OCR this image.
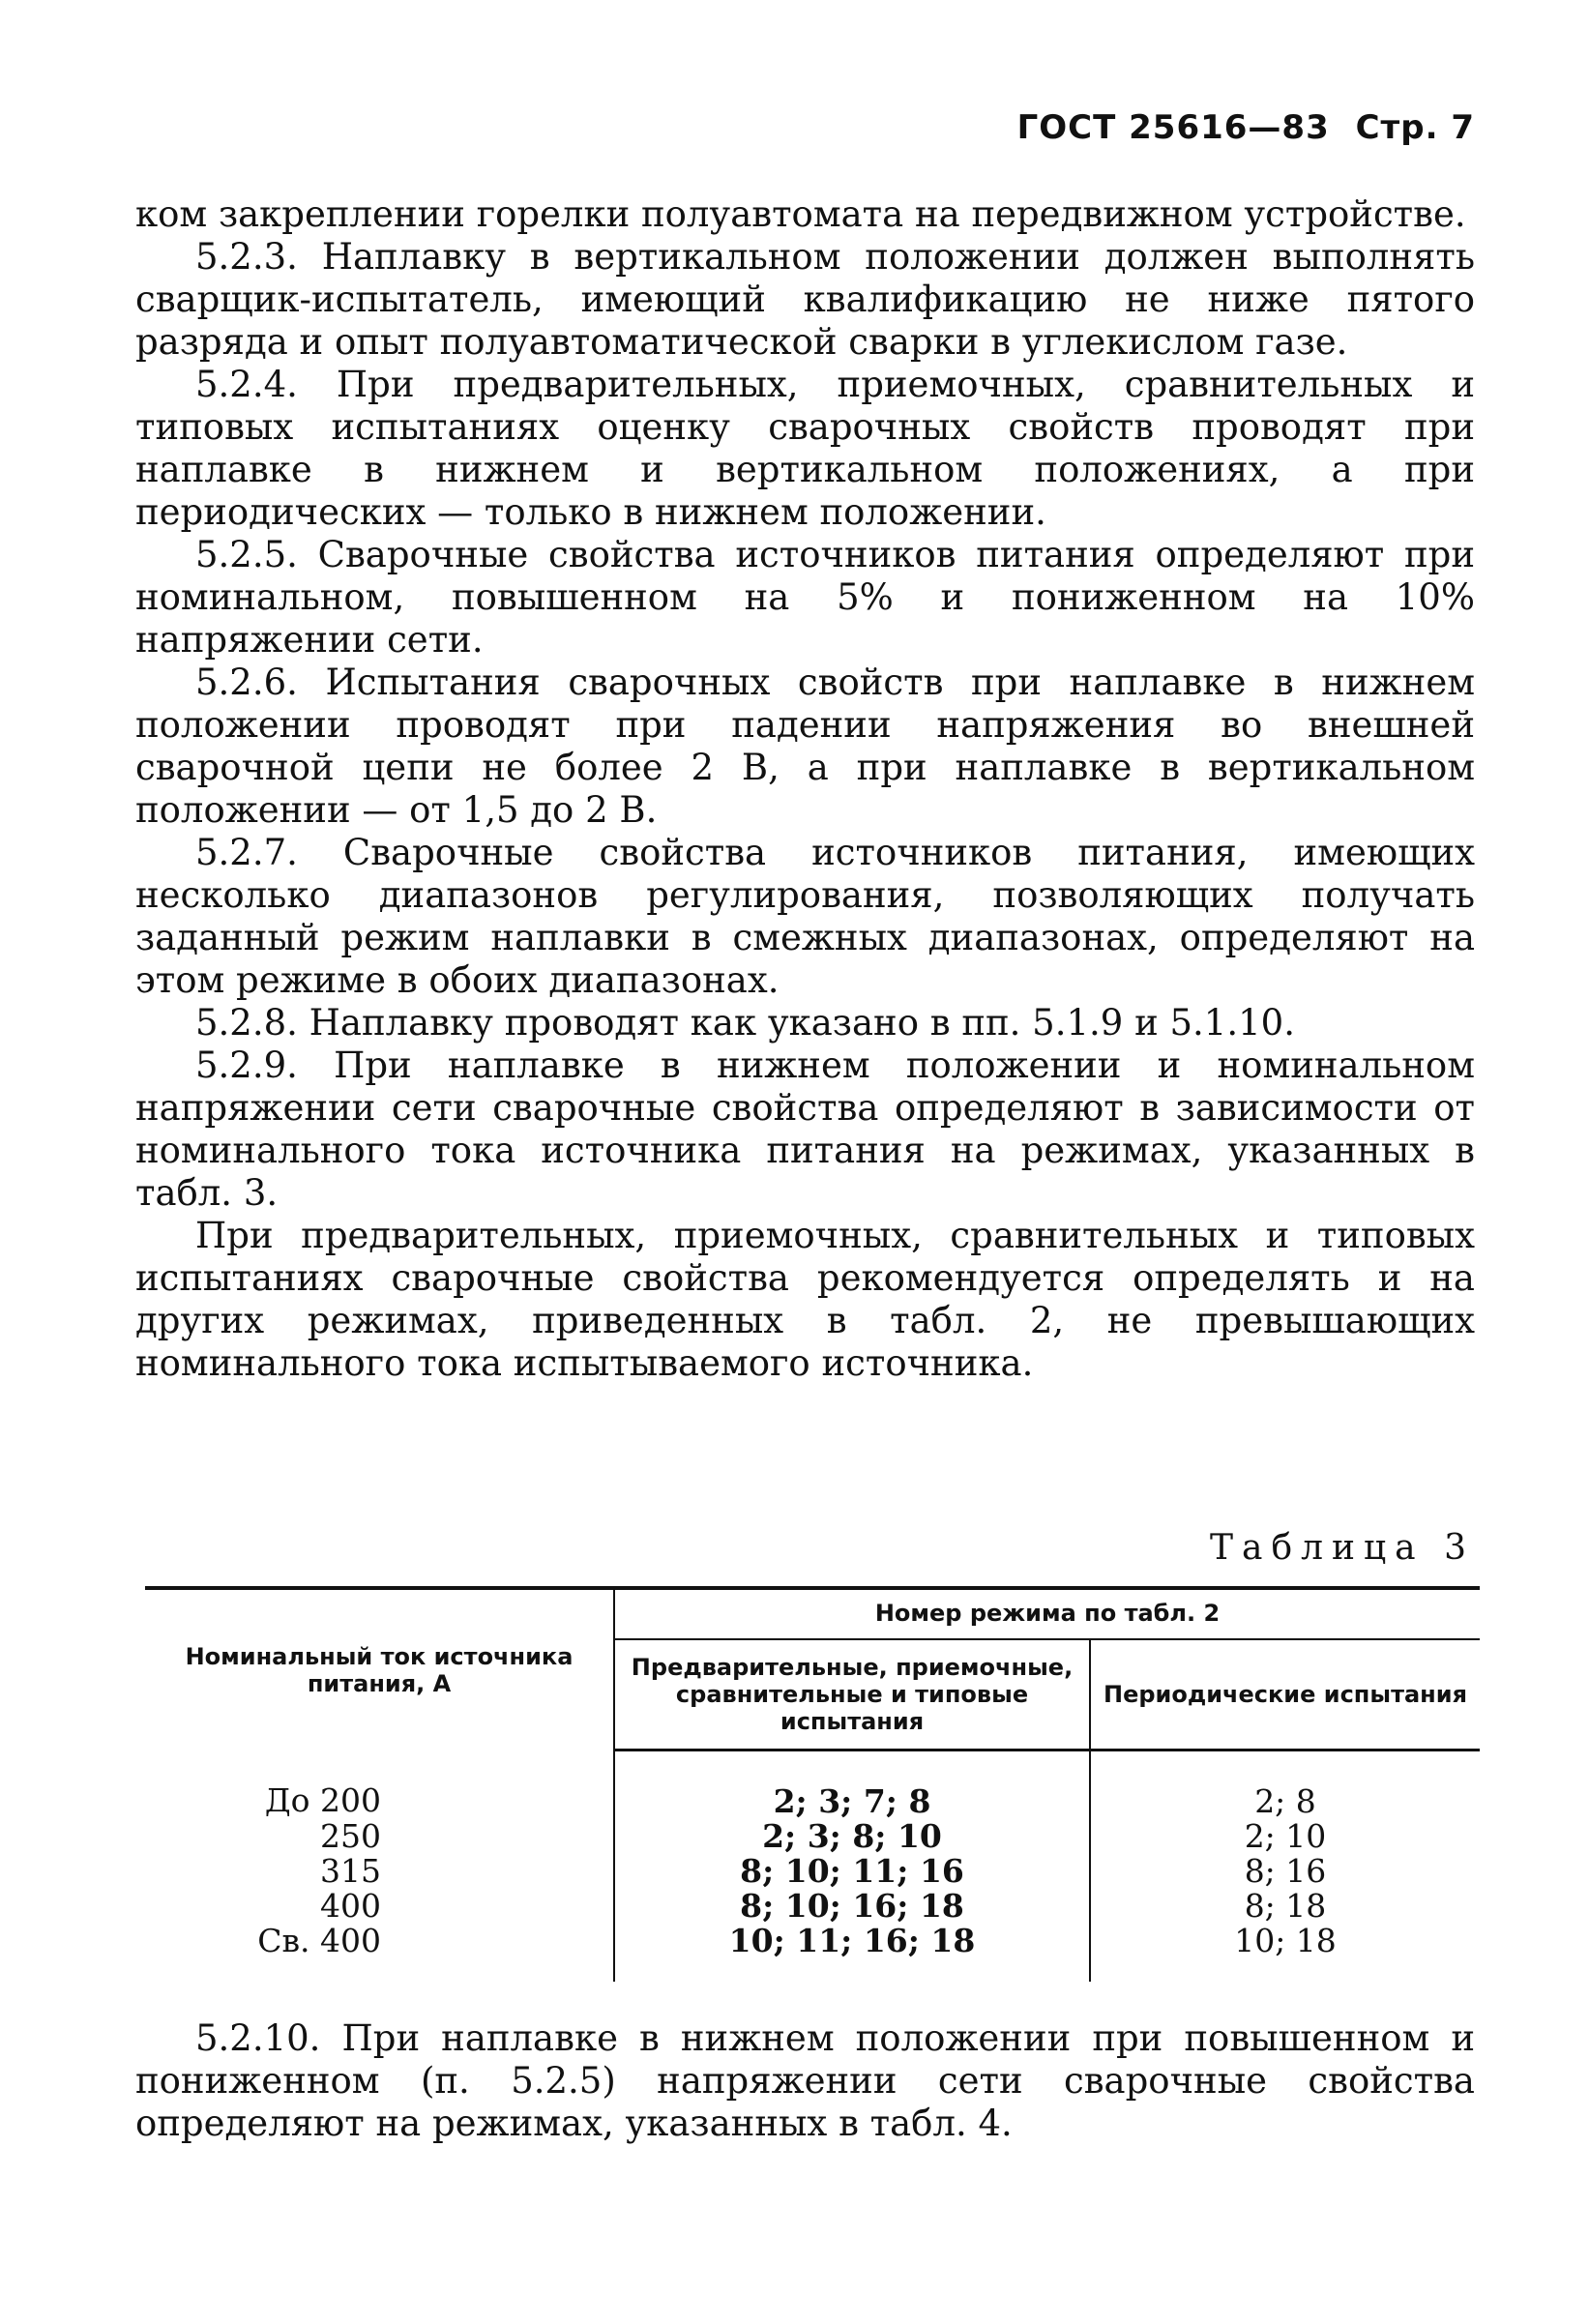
ГОСТ 25616—83 Стр. 7

ком закреплении горелки полуавтомата на передвижном устройстве.

5.2.3. Наплавку в вертикальном положении должен выполнять сварщик-испытатель, имеющий квалификацию не ниже пятого разряда и опыт полуавтоматической сварки в углекислом газе.

5.2.4. При предварительных, приемочных, сравнительных и типовых испытаниях оценку сварочных свойств проводят при наплавке в нижнем и вертикальном положениях, а при периодических — только в нижнем положении.

5.2.5. Сварочные свойства источников питания определяют при номинальном, повышенном на 5% и пониженном на 10% напряжении сети.

5.2.6. Испытания сварочных свойств при наплавке в нижнем положении проводят при падении напряжения во внешней сварочной цепи не более 2 В, а при наплавке в вертикальном положении — от 1,5 до 2 В.

5.2.7. Сварочные свойства источников питания, имеющих несколько диапазонов регулирования, позволяющих получать заданный режим наплавки в смежных диапазонах, определяют на этом режиме в обоих диапазонах.

5.2.8. Наплавку проводят как указано в пп. 5.1.9 и 5.1.10.

5.2.9. При наплавке в нижнем положении и номинальном напряжении сети сварочные свойства определяют в зависимости от номинального тока источника питания на режимах, указанных в табл. 3.

При предварительных, приемочных, сравнительных и типовых испытаниях сварочные свойства рекомендуется определять и на других режимах, приведенных в табл. 2, не превышающих номинального тока испытываемого источника.

Таблица 3
Номинальный ток источника питания, А	Номер режима по табл. 2	
	Предварительные, приемочные, сравнительные и типовые испытания	Периодические испытания
До 200	2; 3; 7; 8	2; 8
250	2; 3; 8; 10	2; 10
315	8; 10; 11; 16	8; 16
400	8; 10; 16; 18	8; 18
Св. 400	10; 11; 16; 18	10; 18

5.2.10. При наплавке в нижнем положении при повышенном и пониженном (п. 5.2.5) напряжении сети сварочные свойства определяют на режимах, указанных в табл. 4.
